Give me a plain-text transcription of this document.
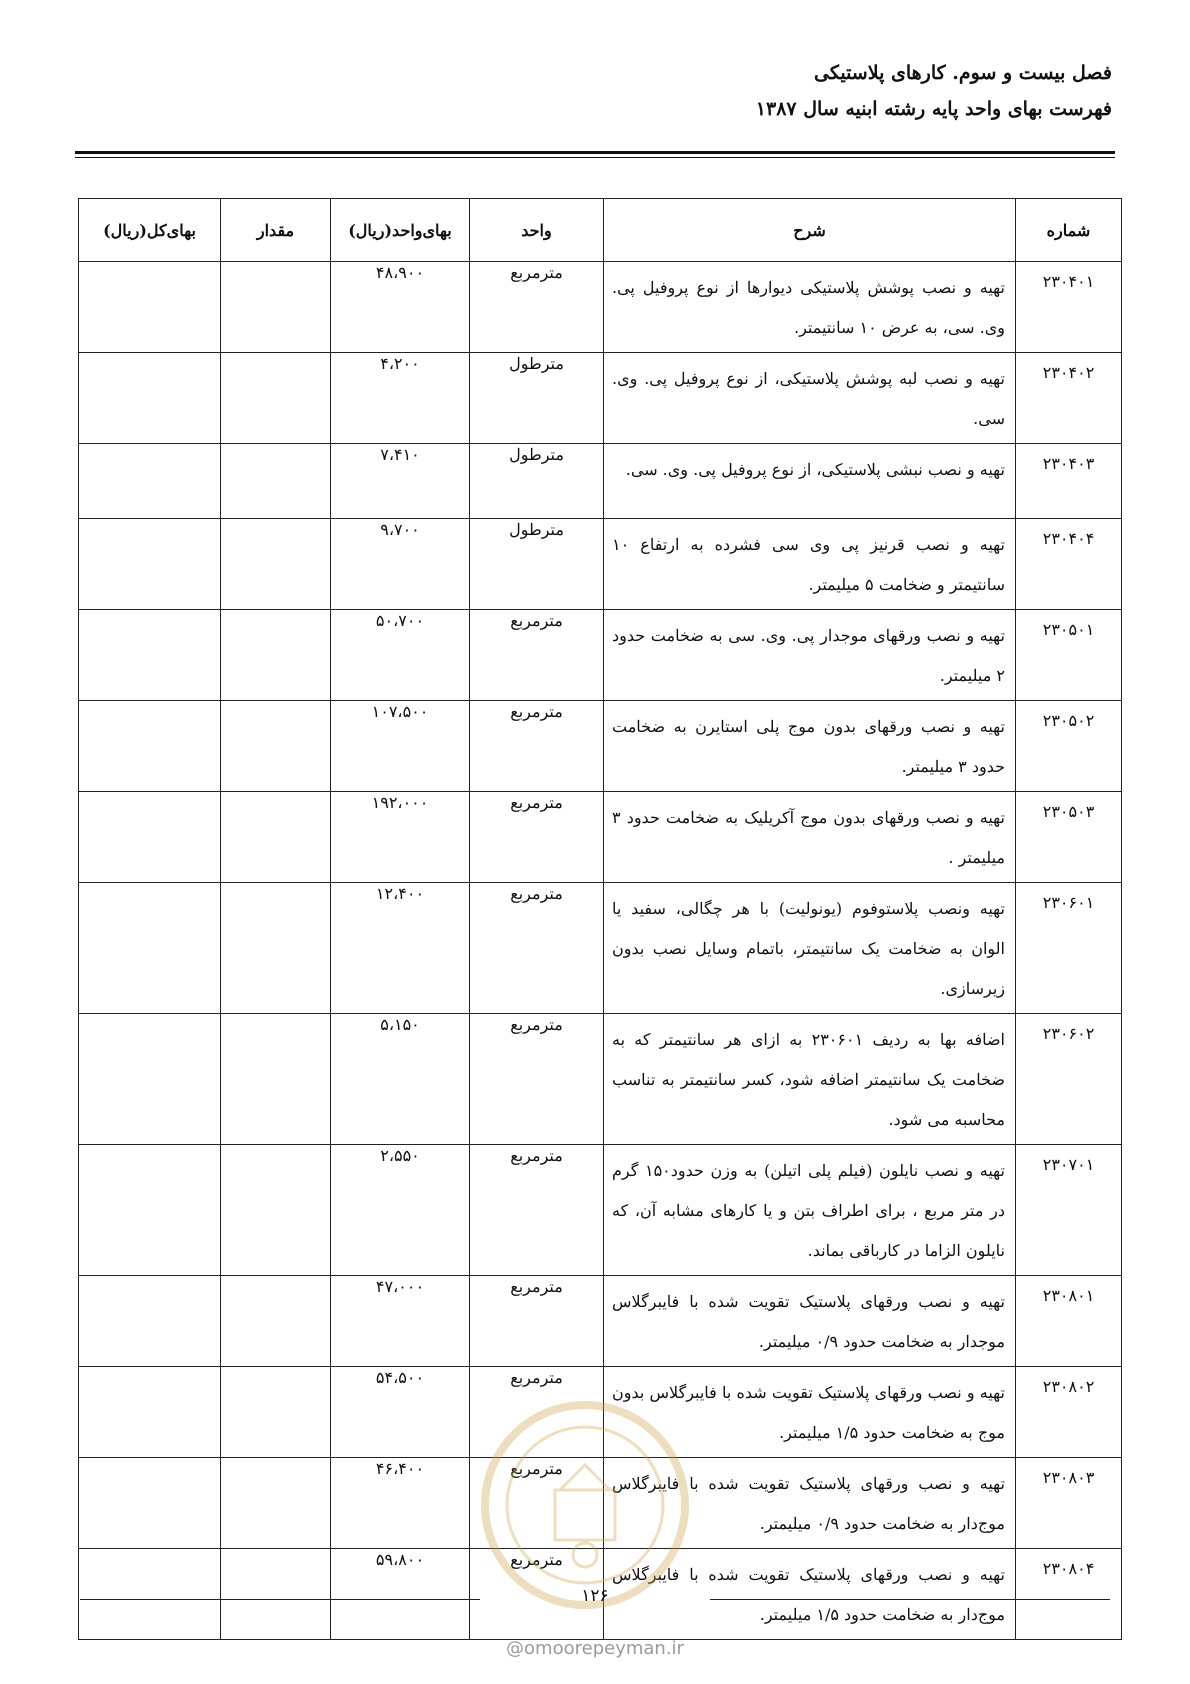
فصل بیست و سوم. کارهای پلاستیکی
فهرست بهای واحد پایه رشته ابنیه سال ۱۳۸۷
شماره	شرح	واحد	بهای‌واحد(ریال)	مقدار	بهای‌کل(ریال)
۲۳۰۴۰۱	تهیه و نصب پوشش پلاستیکی دیوارها از نوع پروفیل پی. وی. سی، به عرض ۱۰ سانتیمتر.	مترمربع	۴۸،۹۰۰		
۲۳۰۴۰۲	تهیه و نصب لبه پوشش پلاستیکی، از نوع پروفیل پی. وی. سی.	مترطول	۴،۲۰۰		
۲۳۰۴۰۳	تهیه و نصب نبشی پلاستیکی، از نوع پروفیل پی. وی. سی.	مترطول	۷،۴۱۰		
۲۳۰۴۰۴	تهیه و نصب قرنیز پی وی سی فشرده به ارتفاع ۱۰ سانتیمتر و ضخامت ۵ میلیمتر.	مترطول	۹،۷۰۰		
۲۳۰۵۰۱	تهیه و نصب ورقهای موجدار پی. وی. سی به ضخامت حدود ۲ میلیمتر.	مترمربع	۵۰،۷۰۰		
۲۳۰۵۰۲	تهیه و نصب ورقهای بدون موج پلی استایرن به ضخامت حدود ۳ میلیمتر.	مترمربع	۱۰۷،۵۰۰		
۲۳۰۵۰۳	تهیه و نصب ورقهای بدون موج آکریلیک به ضخامت حدود ۳ میلیمتر .	مترمربع	۱۹۲،۰۰۰		
۲۳۰۶۰۱	تهیه ونصب پلاستوفوم (یونولیت) با هر چگالی، سفید یا الوان به ضخامت یک سانتیمتر، باتمام وسایل نصب بدون زیرسازی.	مترمربع	۱۲،۴۰۰		
۲۳۰۶۰۲	اضافه بها به ردیف ۲۳۰۶۰۱ به ازای هر سانتیمتر که به ضخامت یک سانتیمتر اضافه شود، کسر سانتیمتر به تناسب محاسبه می شود.	مترمربع	۵،۱۵۰		
۲۳۰۷۰۱	تهیه و نصب نایلون (فیلم پلی اتیلن) به وزن حدود۱۵۰ گرم در متر مربع ، برای اطراف بتن و یا کارهای مشابه آن، که نایلون الزاما در کارباقی بماند.	مترمربع	۲،۵۵۰		
۲۳۰۸۰۱	تهیه و نصب ورقهای پلاستیک تقویت شده با فایبرگلاس موجدار به ضخامت حدود ۰/۹ میلیمتر.	مترمربع	۴۷،۰۰۰		
۲۳۰۸۰۲	تهیه و نصب ورقهای پلاستیک تقویت شده با فایبرگلاس بدون موج به ضخامت حدود ۱/۵ میلیمتر.	مترمربع	۵۴،۵۰۰		
۲۳۰۸۰۳	تهیه و نصب ورقهای پلاستیک تقویت شده با فایبرگلاس موج‌دار به ضخامت حدود ۰/۹ میلیمتر.	مترمربع	۴۶،۴۰۰		
۲۳۰۸۰۴	تهیه و نصب ورقهای پلاستیک تقویت شده با فایبرگلاس موج‌دار به ضخامت حدود ۱/۵ میلیمتر.	مترمربع	۵۹،۸۰۰		
۱۲۶
@omoorepeyman.ir
